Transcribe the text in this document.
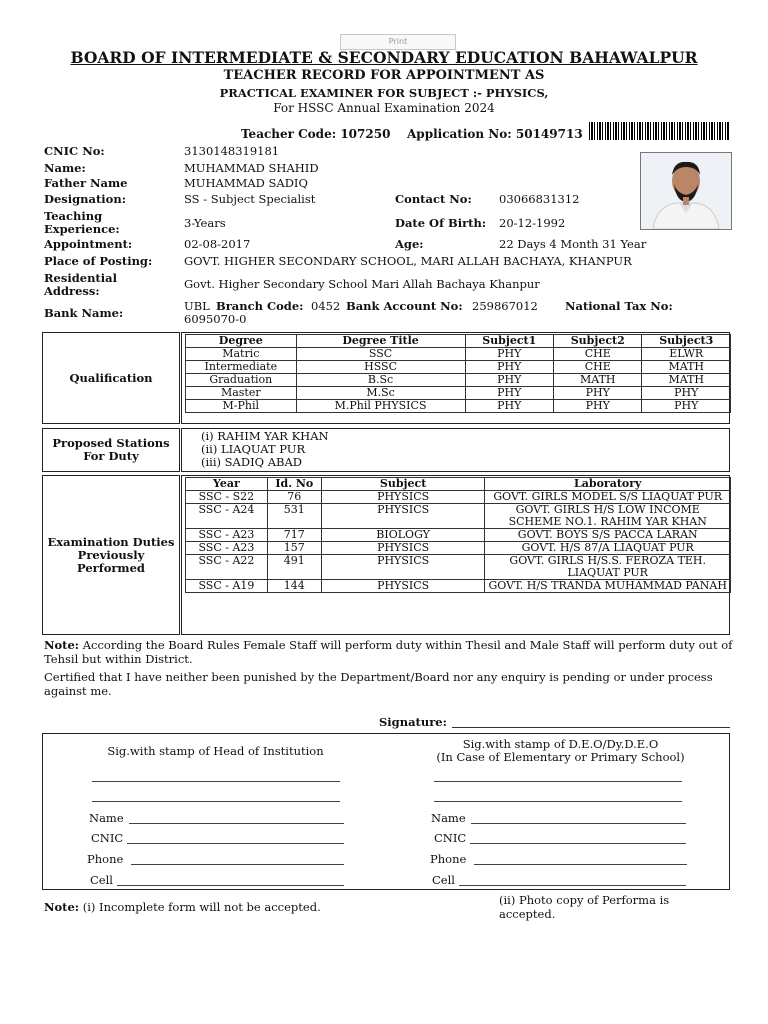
Print
BOARD OF INTERMEDIATE & SECONDARY EDUCATION BAHAWALPUR
TEACHER RECORD FOR APPOINTMENT AS
PRACTICAL EXAMINER FOR SUBJECT :- PHYSICS,
For HSSC Annual Examination 2024
Teacher Code: 107250 Application No: 50149713
CNIC No:	3130148319181
Name:	MUHAMMAD SHAHID
Father Name	MUHAMMAD SADIQ
Designation:	SS - Subject Specialist	Contact No: 03066831312
Teaching Experience:	3-Years	Date Of Birth: 20-12-1992
Appointment:	02-08-2017	Age:	22 Days 4 Month 31 Year
Place of Posting:	GOVT. HIGHER SECONDARY SCHOOL, MARI ALLAH BACHAYA, KHANPUR
Residential Address:	Govt. Higher Secondary School Mari Allah Bachaya Khanpur
Bank Name:	UBL Branch Code: 0452 Bank Account No: 259867012 National Tax No:
6095070-0
Qualification
Degree	Degree Title	Subject1	Subject2	Subject3
Matric	SSC	PHY	CHE	ELWR
Intermediate	HSSC	PHY	CHE	MATH
Graduation	B.Sc	PHY	MATH	MATH
Master	M.Sc	PHY	PHY	PHY
M-Phil	M.Phil PHYSICS	PHY	PHY	PHY
Proposed Stations For Duty
(i) RAHIM YAR KHAN
(ii) LIAQUAT PUR
(iii) SADIQ ABAD
Examination Duties Previously Performed
Year	Id. No	Subject	Laboratory
SSC - S22	76	PHYSICS	GOVT. GIRLS MODEL S/S LIAQUAT PUR
SSC - A24	531	PHYSICS	GOVT. GIRLS H/S LOW INCOME SCHEME NO.1. RAHIM YAR KHAN
SSC - A23	717	BIOLOGY	GOVT. BOYS S/S PACCA LARAN
SSC - A23	157	PHYSICS	GOVT. H/S 87/A LIAQUAT PUR
SSC - A22	491	PHYSICS	GOVT. GIRLS H/S.S. FEROZA TEH. LIAQUAT PUR
SSC - A19	144	PHYSICS	GOVT. H/S TRANDA MUHAMMAD PANAH
Note: According the Board Rules Female Staff will perform duty within Thesil and Male Staff will perform duty out of Tehsil but within District.
Certified that I have neither been punished by the Department/Board nor any enquiry is pending or under process against me.
Signature:
Sig.with stamp of Head of Institution	Sig.with stamp of D.E.O/Dy.D.E.O
(In Case of Elementary or Primary School)
Name
CNIC
Phone
Cell
Name
CNIC
Phone
Cell
Note: (i) Incomplete form will not be accepted.	(ii) Photo copy of Performa is accepted.
